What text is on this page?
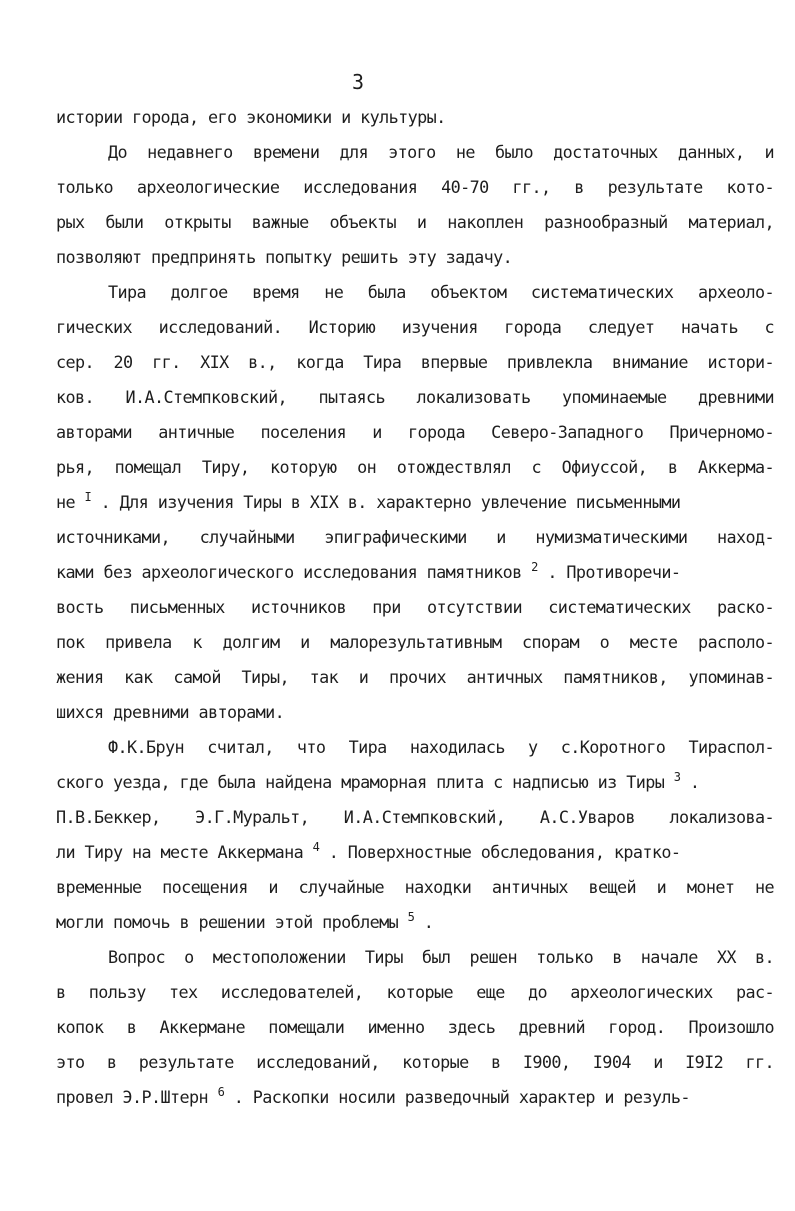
3
истории города, его экономики и культуры.
До недавнего времени для этого не было достаточных данных, и
только археологические исследования 40-70 гг., в результате кото-
рых были открыты важные объекты и накоплен разнообразный материал,
позволяют предпринять попытку решить эту задачу.
Тира долгое время не была объектом систематических археоло-
гических исследований. Историю изучения города следует начать с
сер. 20 гг. XIX в., когда Тира впервые привлекла внимание истори-
ков. И.А.Стемпковский, пытаясь локализовать упоминаемые древними
авторами античные поселения и города Северо-Западного Причерномо-
рья, помещал Тиру, которую он отождествлял с Офиуссой, в Аккерма-
не $^I$ . Для изучения Тиры в XIX в. характерно увлечение письменными
источниками, случайными эпиграфическими и нумизматическими наход-
ками без археологического исследования памятников $^2$ . Противоречи-
вость письменных источников при отсутствии систематических раско-
пок привела к долгим и малорезультативным спорам о месте располо-
жения как самой Тиры, так и прочих античных памятников, упоминав-
шихся древними авторами.
Ф.К.Брун считал, что Тира находилась у с.Коротного Тираспол-
ского уезда, где была найдена мраморная плита с надписью из Тиры $^3$ .
П.В.Беккер, Э.Г.Муральт, И.А.Стемпковский, А.С.Уваров локализова-
ли Тиру на месте Аккермана $^4$ . Поверхностные обследования, кратко-
временные посещения и случайные находки античных вещей и монет не
могли помочь в решении этой проблемы $^5$ .
Вопрос о местоположении Тиры был решен только в начале XX в.
в пользу тех исследователей, которые еще до археологических рас-
копок в Аккермане помещали именно здесь древний город. Произошло
это в результате исследований, которые в I900, I904 и I9I2 гг.
провел Э.Р.Штерн $^6$ . Раскопки носили разведочный характер и резуль-
